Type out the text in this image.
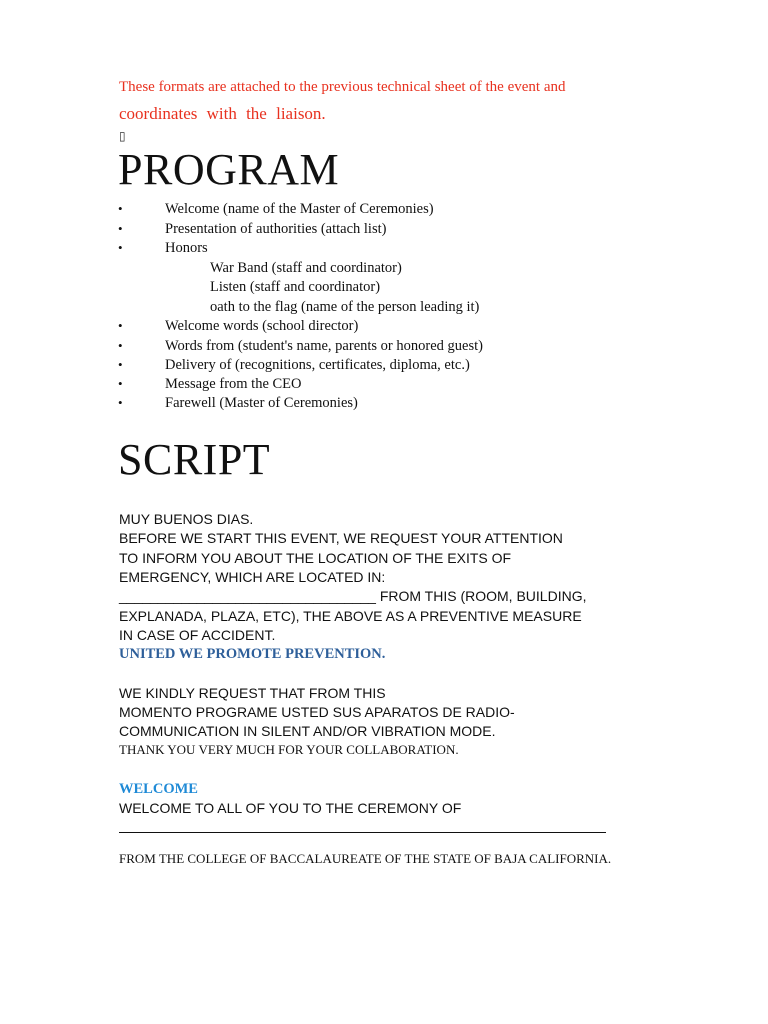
These formats are attached to the previous technical sheet of the event and
coordinates with the liaison.
▯
PROGRAM
•	Welcome (name of the Master of Ceremonies)
•	Presentation of authorities (attach list)
•	Honors
War Band (staff and coordinator)
Listen (staff and coordinator)
oath to the flag (name of the person leading it)
•	Welcome words (school director)
•	Words from (student's name, parents or honored guest)
•	Delivery of (recognitions, certificates, diploma, etc.)
•	Message from the CEO
•	Farewell (Master of Ceremonies)
SCRIPT
MUY BUENOS DIAS.
BEFORE WE START THIS EVENT, WE REQUEST YOUR ATTENTION
TO INFORM YOU ABOUT THE LOCATION OF THE EXITS OF
EMERGENCY, WHICH ARE LOCATED IN:
_________________________________ FROM THIS (ROOM, BUILDING,
EXPLANADA, PLAZA, ETC), THE ABOVE AS A PREVENTIVE MEASURE
IN CASE OF ACCIDENT.
UNITED WE PROMOTE PREVENTION.
WE KINDLY REQUEST THAT FROM THIS
MOMENTO PROGRAME USTED SUS APARATOS DE RADIO-
COMMUNICATION IN SILENT AND/OR VIBRATION MODE.
THANK YOU VERY MUCH FOR YOUR COLLABORATION.
WELCOME
WELCOME TO ALL OF YOU TO THE CEREMONY OF
FROM THE COLLEGE OF BACCALAUREATE OF THE STATE OF BAJA CALIFORNIA.
